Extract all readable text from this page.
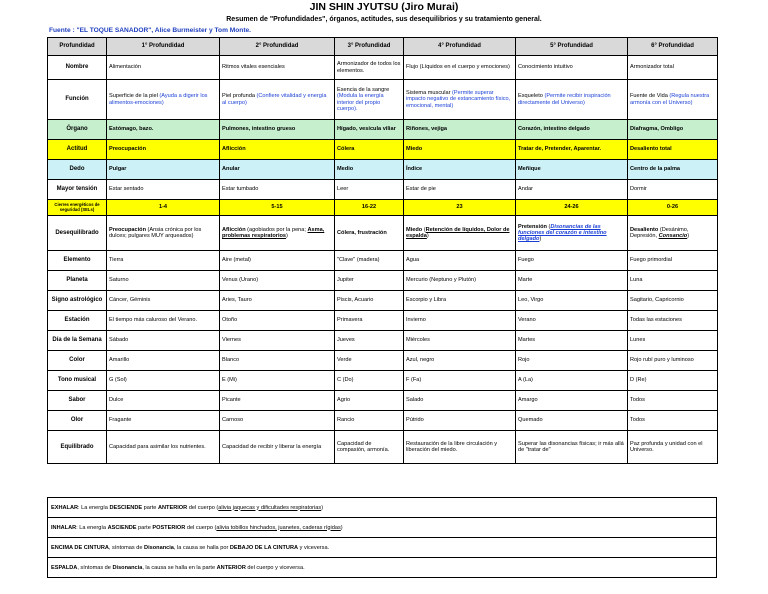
JIN SHIN JYUTSU (Jiro Murai)
Resumen de "Profundidades", órganos, actitudes, sus desequilibrios y su tratamiento general.
Fuente : "EL TOQUE SANADOR", Alice Burmeister y Tom Monte.
Profundidad	1° Profundidad	2° Profundidad	3° Profundidad	4° Profundidad	5° Profundidad	6° Profundidad
Nombre	Alimentación	Ritmos vitales esenciales	Armonizador de todos los elementos.	Flujo (Líquidos en el cuerpo y emociones)	Conocimiento intuitivo	Armonizador total
Función	Superficie de la piel (Ayuda a digerir los alimentos-emociones)	Piel profunda (Confiere vitalidad y energía al cuerpo)	Esencia de la sangre (Modula la energía interior del propio cuerpo).	Sistema muscular (Permite superar impacto negativo de estancamiento físico, emocional, mental)	Esqueleto (Permite recibir inspiración directamente del Universo)	Fuente de Vida (Regula nuestra armonía con el Universo)
Órgano	Estómago, bazo.	Pulmones, intestino grueso	Hígado, vesícula viliar	Riñones, vejiga	Corazón, intestino delgado	Diafragma, Ombligo
Actitud	Preocupación	Aflicción	Cólera	Miedo	Tratar de, Pretender, Aparentar.	Desaliento total
Dedo	Pulgar	Anular	Medio	Índice	Meñique	Centro de la palma
Mayor tensión	Estar sentado	Estar tumbado	Leer	Estar de pie	Andar	Dormir
Cierres energéticos de seguridad (SELs)	1-4	5-15	16-22	23	24-26	0-26
Desequilibrado	Preocupación (Ansia crónica por los dulces; pulgares MUY arqueados)	Aflicción (agobiados por la pena; Asma, problemas respiratorios)	Cólera, frustración	Miedo (Retención de líquidos, Dolor de espalda)	Pretensión (Disonancias de las funciones del corazón e intestino delgado)	Desaliento (Desánimo, Depresión, Consancio)
Elemento	Tierra	Aire (metal)	"Clave" (madera)	Agua	Fuego	Fuego primordial
Planeta	Saturno	Venus (Urano)	Jupiter	Mercurio (Neptuno y Plutón)	Marte	Luna
Signo astrológico	Cáncer, Géminis	Aries, Tauro	Piscis, Acuario	Escorpio y Libra	Leo, Virgo	Sagitario, Capricornio
Estación	El tiempo más caluroso del Verano.	Otoño	Primavera	Invierno	Verano	Todas las estaciones
Día de la Semana	Sábado	Viernes	Jueves	Miércoles	Martes	Lunes
Color	Amarillo	Blanco	Verde	Azul, negro	Rojo	Rojo rubí puro y luminoso
Tono musical	G (Sol)	E (Mi)	C (Do)	F (Fa)	A (La)	D (Re)
Sabor	Dulce	Picante	Agrio	Salado	Amargo	Todos
Olor	Fragante	Carnoso	Rancio	Pútrido	Quemado	Todos
Equilibrado	Capacidad para asimilar los nutrientes.	Capacidad de recibir y liberar la energía	Capacidad de compasión, armonía.	Restauración de la libre circulación y liberación del miedo.	Superar las disonancias físicas; ir más allá de "tratar de"	Paz profunda y unidad con el Universo.
EXHALAR: La energía DESCIENDE parte ANTERIOR del cuerpo (alivia jaquecas y dificultades respiratorias)
INHALAR: La energía ASCIENDE parte POSTERIOR del cuerpo (alivia tobillos hinchados, juanetes, caderas rígidas)
ENCIMA DE CINTURA, síntomas de Disonancia, la causa se halla por DEBAJO DE LA CINTURA y viceversa.
ESPALDA, síntomas de Disonancia, la causa se halla en la parte ANTERIOR del cuerpo y viceversa.
